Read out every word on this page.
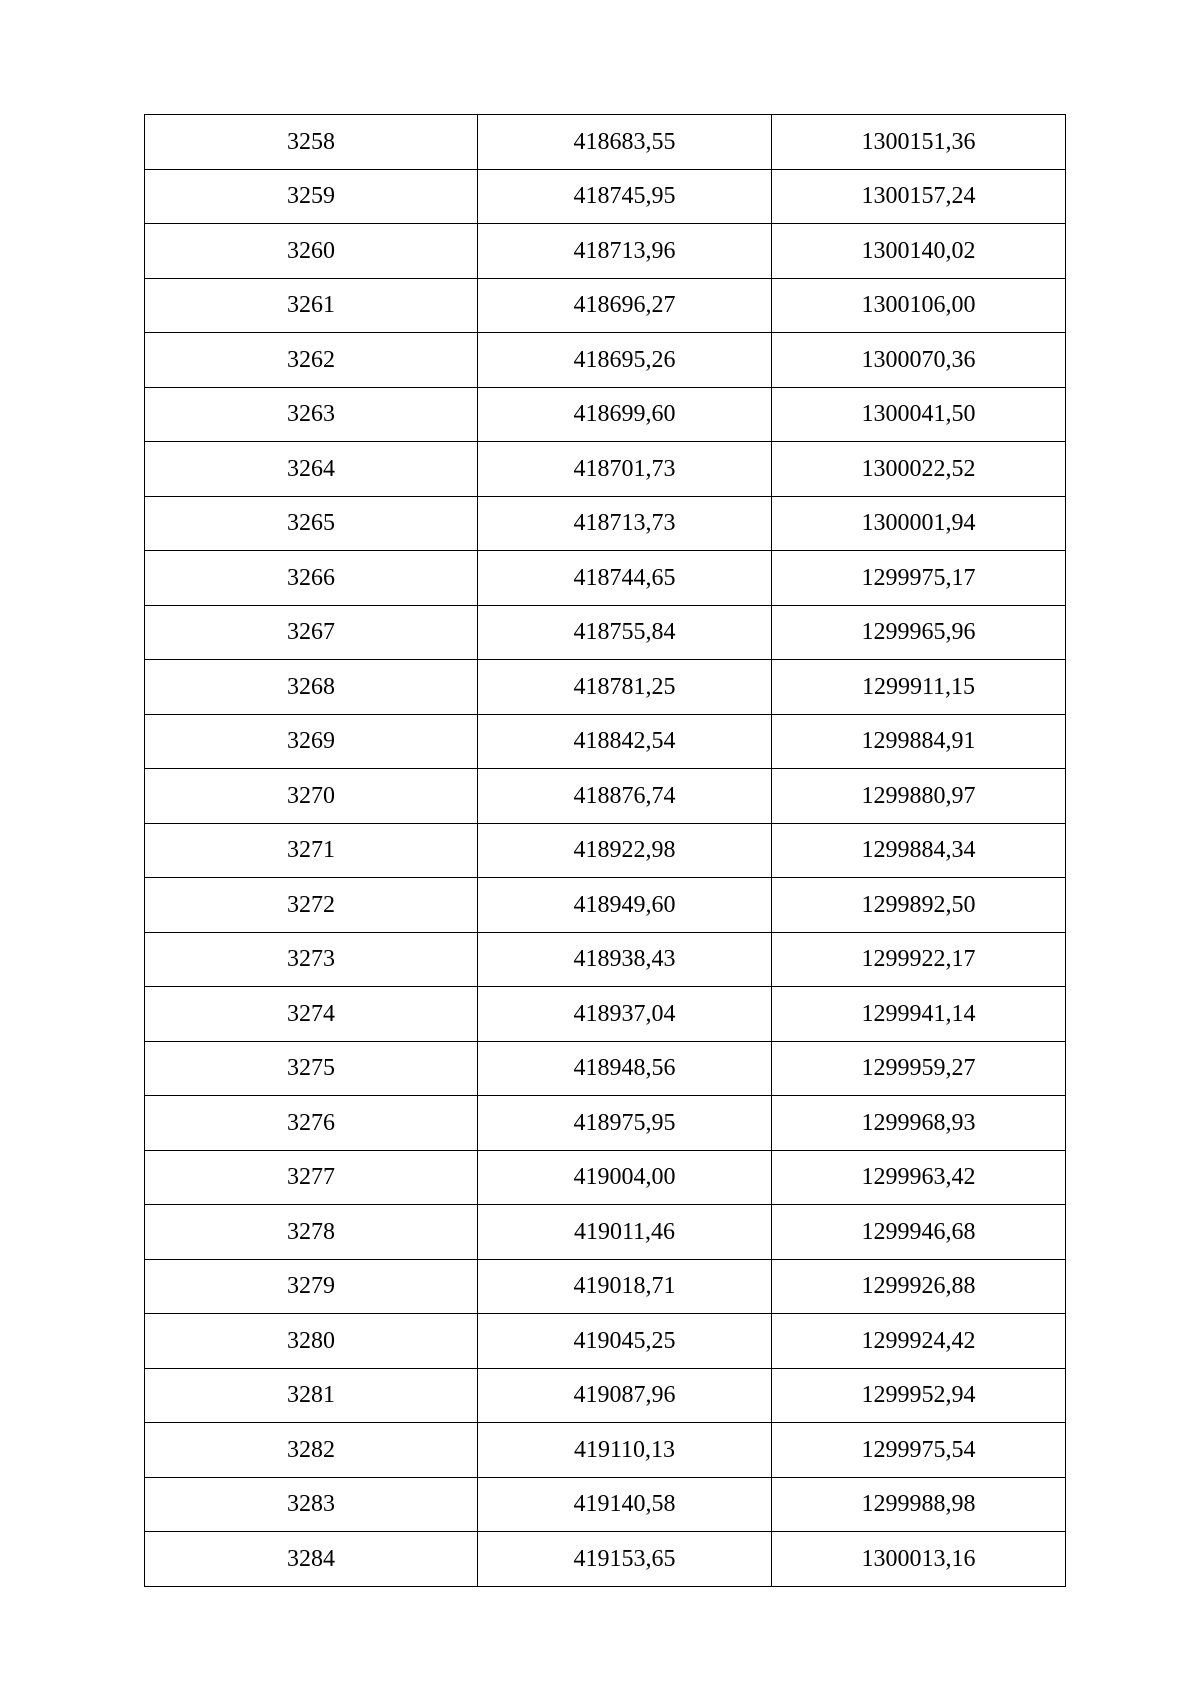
3258	418683,55	1300151,36
3259	418745,95	1300157,24
3260	418713,96	1300140,02
3261	418696,27	1300106,00
3262	418695,26	1300070,36
3263	418699,60	1300041,50
3264	418701,73	1300022,52
3265	418713,73	1300001,94
3266	418744,65	1299975,17
3267	418755,84	1299965,96
3268	418781,25	1299911,15
3269	418842,54	1299884,91
3270	418876,74	1299880,97
3271	418922,98	1299884,34
3272	418949,60	1299892,50
3273	418938,43	1299922,17
3274	418937,04	1299941,14
3275	418948,56	1299959,27
3276	418975,95	1299968,93
3277	419004,00	1299963,42
3278	419011,46	1299946,68
3279	419018,71	1299926,88
3280	419045,25	1299924,42
3281	419087,96	1299952,94
3282	419110,13	1299975,54
3283	419140,58	1299988,98
3284	419153,65	1300013,16
